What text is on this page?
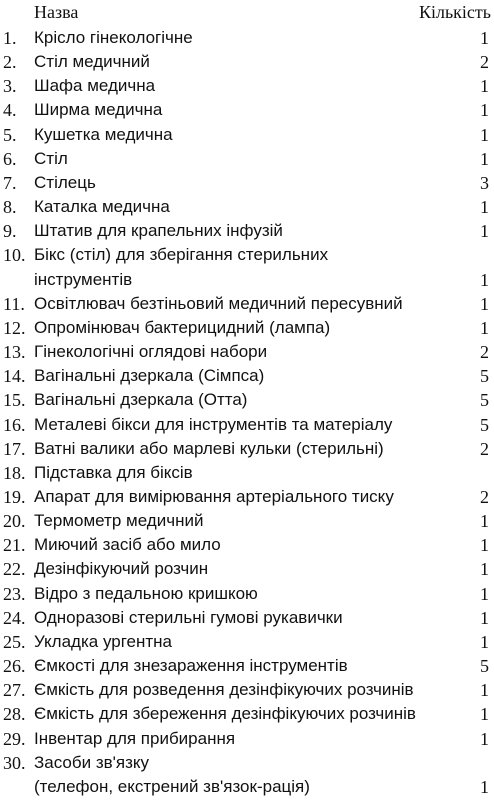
Назва	Кількість
1. Крісло гінекологічне	1
2. Стіл медичний	2
3. Шафа медична	1
4. Ширма медична	1
5. Кушетка медична	1
6. Стіл	1
7. Стілець	3
8. Каталка медична	1
9. Штатив для крапельних інфузій	1
10. Бікс (стіл) для зберігання стерильних
інструментів	1
11. Освітлювач безтіньовий медичний пересувний	1
12. Опромінювач бактерицидний (лампа)	1
13. Гінекологічні оглядові набори	2
14. Вагінальні дзеркала (Сімпса)	5
15. Вагінальні дзеркала (Отта)	5
16. Металеві бікси для інструментів та матеріалу	5
17. Ватні валики або марлеві кульки (стерильні)	2
18. Підставка для біксів
19. Апарат для вимірювання артеріального тиску	2
20. Термометр медичний	1
21. Миючий засіб або мило	1
22. Дезінфікуючий розчин	1
23. Відро з педальною кришкою	1
24. Одноразові стерильні гумові рукавички	1
25. Укладка ургентна	1
26. Ємкості для знезараження інструментів	5
27. Ємкість для розведення дезінфікуючих розчинів	1
28. Ємкість для збереження дезінфікуючих розчинів	1
29. Інвентар для прибирання	1
30. Засоби зв'язку
(телефон, екстрений зв'язок-рація)	1
